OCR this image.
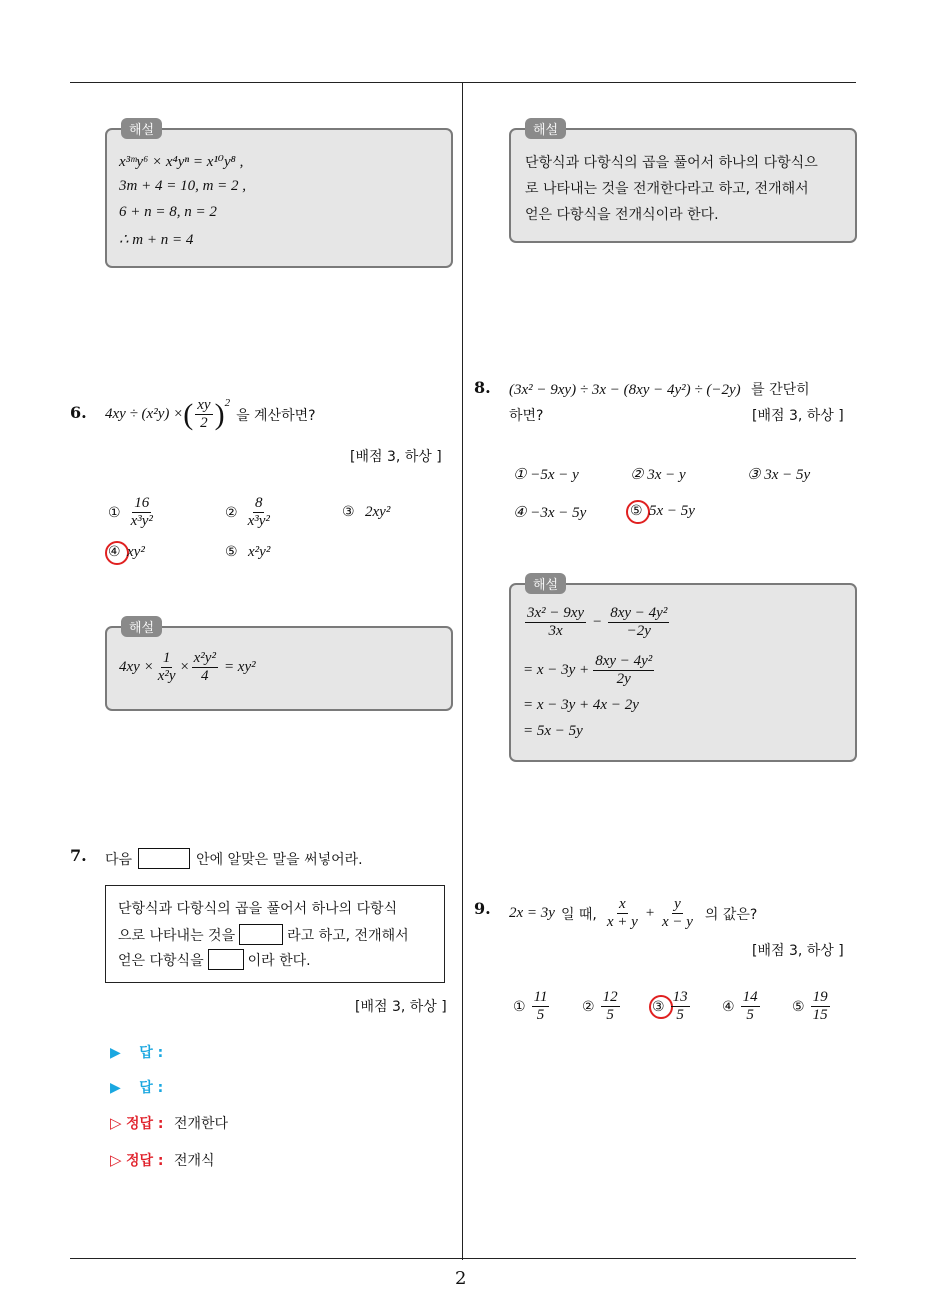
해설
x³ᵐy⁶ × x⁴yⁿ = x¹⁰y⁸ ,
3m + 4 = 10, m = 2 ,
6 + n = 8, n = 2
∴ m + n = 4
6. 4xy ÷ (x²y) × ( $\frac{xy}{2} )^2$
을 계산하면?
[배점 3, 하상 ]
① $\frac{16}{\text{x³y²}}$	② $\frac{8}{\text{x³y²}}$	③ 2xy²
④ xy²	⑤ x²y²
해설
$4xy \times \frac{1}{\text{x²y}} \times \frac{\text{x²y²}}{4} = xy^2$
7. 다음	안에 알맞은 말을 써넣어라.
단항식과 다항식의 곱을 풀어서 하나의 다항식
으로 나타내는 것을	라고 하고, 전개해서
얻은 다항식을	이라 한다.
[배점 3, 하상 ]
▶ 답 :
▶ 답 :
▷ 정답 : 전개한다
▷ 정답 : 전개식
해설
단항식과 다항식의 곱을 풀어서 하나의 다항식으
로 나타내는 것을 전개한다라고 하고, 전개해서
얻은 다항식을 전개식이라 한다.
8. (3x² − 9xy) ÷ 3x − (8xy − 4y²) ÷ (−2y) 를 간단히
하면?	[배점 3, 하상 ]
① −5x − y	② 3x − y	③ 3x − 5y
④ −3x − 5y	⑤ 5x − 5y
해설
$\frac{\text{3x² − 9xy}}{3x} - \frac{\text{8xy − 4y²}}{-2y}$
= $x - 3y + \frac{\text{8xy − 4y²}}{2y}$
= x − 3y + 4x − 2y
= 5x − 5y
9. 2x = 3y 일 때, $\frac{x}{x + y} + \frac{y}{x - y}$ 의 값은?
[배점 3, 하상 ]
① $\frac{11}{5}$ ② $\frac{12}{5}$ ③ $\frac{13}{5}$ ④ $\frac{14}{5}$ ⑤ $\frac{19}{15}$
2
